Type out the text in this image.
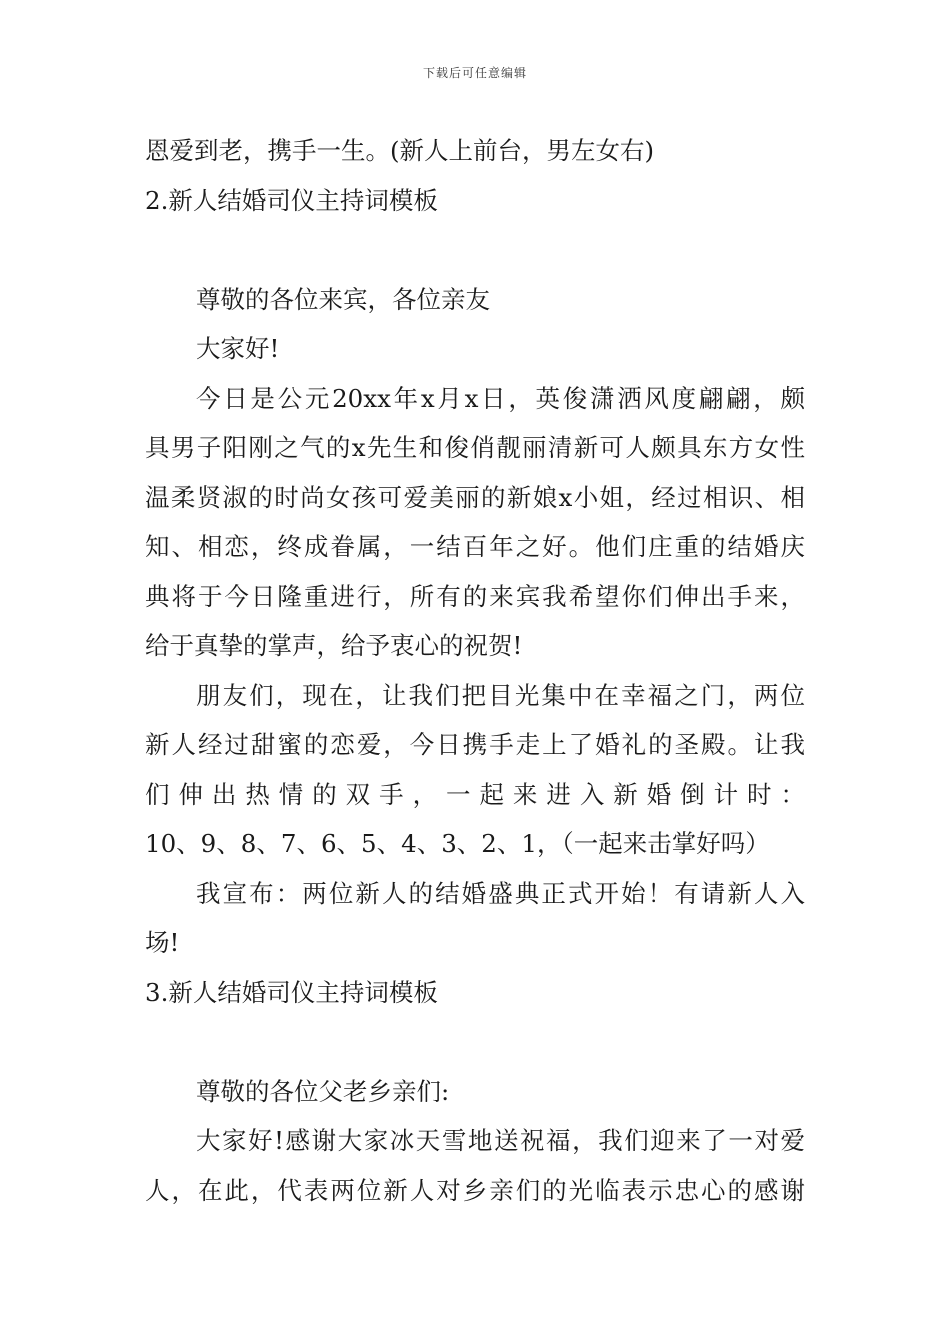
下载后可任意编辑
恩爱到老，携手一生。(新人上前台，男左女右)
2.新人结婚司仪主持词模板
尊敬的各位来宾，各位亲友
大家好!
今日是公元20xx年x月x日，英俊潇洒风度翩翩，颇
具男子阳刚之气的x先生和俊俏靓丽清新可人颇具东方女性
温柔贤淑的时尚女孩可爱美丽的新娘x小姐，经过相识、相
知、相恋，终成眷属，一结百年之好。他们庄重的结婚庆
典将于今日隆重进行，所有的来宾我希望你们伸出手来，
给于真挚的掌声，给予衷心的祝贺!
朋友们，现在，让我们把目光集中在幸福之门，两位
新人经过甜蜜的恋爱，今日携手走上了婚礼的圣殿。让我
们伸出热情的双手，一起来进入新婚倒计时：
10、9、8、7、6、5、4、3、2、1，（一起来击掌好吗）
我宣布：两位新人的结婚盛典正式开始！有请新人入
场!
3.新人结婚司仪主持词模板
尊敬的各位父老乡亲们:
大家好!感谢大家冰天雪地送祝福，我们迎来了一对爱
人，在此，代表两位新人对乡亲们的光临表示忠心的感谢
